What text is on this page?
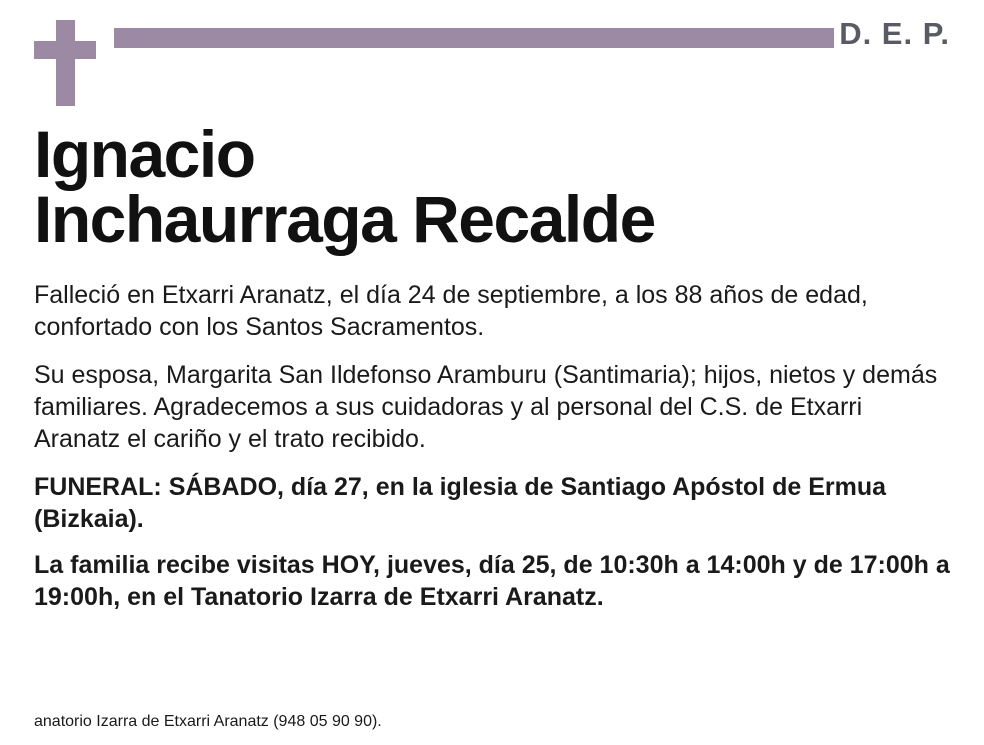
D. E. P.
Ignacio
Inchaurraga Recalde

Falleció en Etxarri Aranatz, el día 24 de septiembre, a los 88 años de edad, confortado con los Santos Sacramentos.

Su esposa, Margarita San Ildefonso Aramburu (Santimaria); hijos, nietos y demás familiares. Agradecemos a sus cuidadoras y al personal del C.S. de Etxarri Aranatz el cariño y el trato recibido.

FUNERAL: SÁBADO, día 27, en la iglesia de Santiago Apóstol de Ermua (Bizkaia).

La familia recibe visitas HOY, jueves, día 25, de 10:30h a 14:00h y de 17:00h a 19:00h, en el Tanatorio Izarra de Etxarri Aranatz.

anatorio Izarra de Etxarri Aranatz (948 05 90 90).
